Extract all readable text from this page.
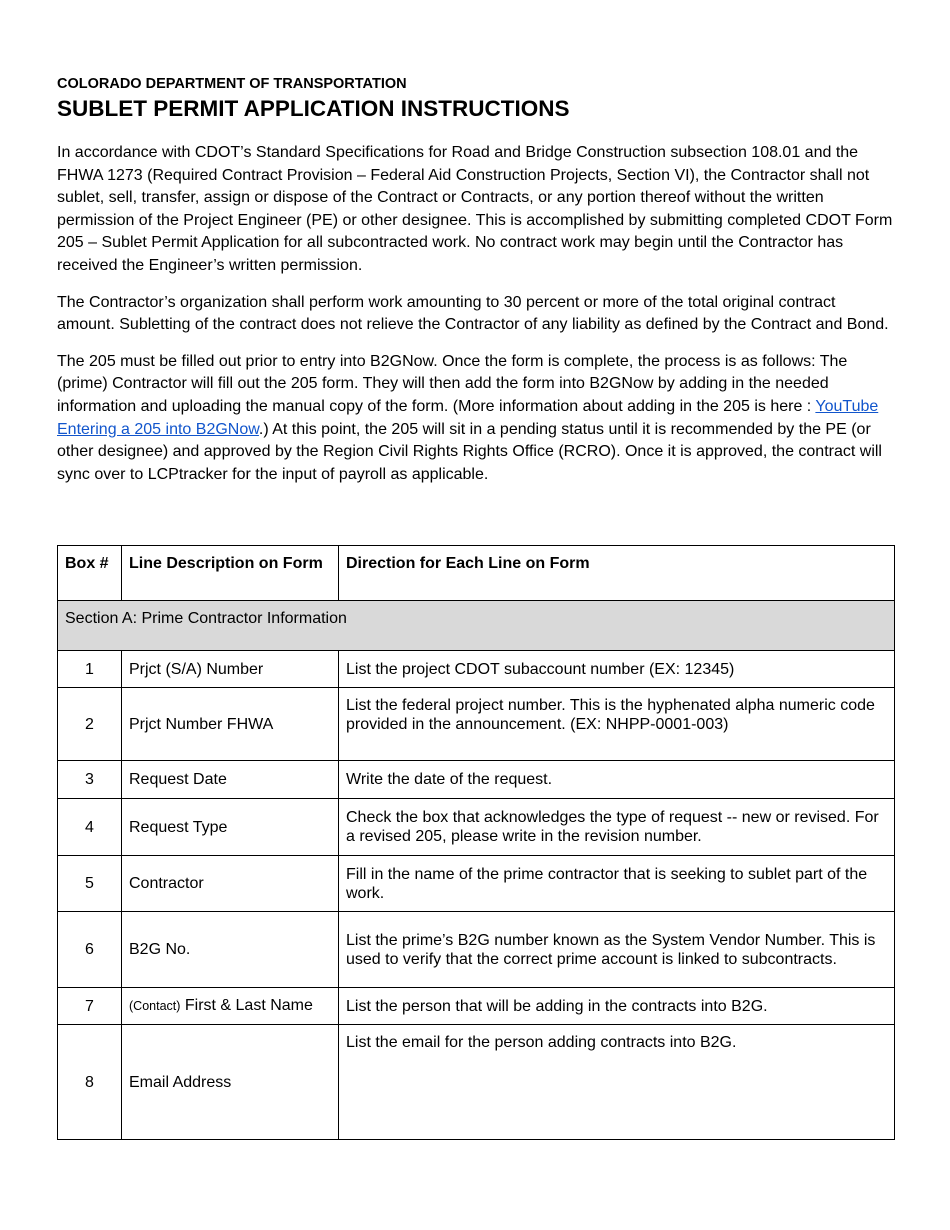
COLORADO DEPARTMENT OF TRANSPORTATION
SUBLET PERMIT APPLICATION INSTRUCTIONS

In accordance with CDOT’s Standard Specifications for Road and Bridge Construction subsection 108.01 and the FHWA 1273 (Required Contract Provision – Federal Aid Construction Projects, Section VI), the Contractor shall not sublet, sell, transfer, assign or dispose of the Contract or Contracts, or any portion thereof without the written permission of the Project Engineer (PE) or other designee. This is accomplished by submitting completed CDOT Form 205 – Sublet Permit Application for all subcontracted work. No contract work may begin until the Contractor has received the Engineer’s written permission.

The Contractor’s organization shall perform work amounting to 30 percent or more of the total original contract amount. Subletting of the contract does not relieve the Contractor of any liability as defined by the Contract and Bond.

The 205 must be filled out prior to entry into B2GNow. Once the form is complete, the process is as follows: The (prime) Contractor will fill out the 205 form. They will then add the form into B2GNow by adding in the needed information and uploading the manual copy of the form. (More information about adding in the 205 is here : YouTube Entering a 205 into B2GNow.) At this point, the 205 will sit in a pending status until it is recommended by the PE (or other designee) and approved by the Region Civil Rights Rights Office (RCRO). Once it is approved, the contract will sync over to LCPtracker for the input of payroll as applicable.

Box #	Line Description on Form	Direction for Each Line on Form
Section A: Prime Contractor Information		
1	Prjct (S/A) Number	List the project CDOT subaccount number (EX: 12345)
2	Prjct Number FHWA	List the federal project number. This is the hyphenated alpha numeric code provided in the announcement. (EX: NHPP-0001-003)
3	Request Date	Write the date of the request.
4	Request Type	Check the box that acknowledges the type of request -- new or revised. For a revised 205, please write in the revision number.
5	Contractor	Fill in the name of the prime contractor that is seeking to sublet part of the work.
6	B2G No.	List the prime’s B2G number known as the System Vendor Number. This is used to verify that the correct prime account is linked to subcontracts.
7	(Contact) First & Last Name	List the person that will be adding in the contracts into B2G.
8	Email Address	List the email for the person adding contracts into B2G.
